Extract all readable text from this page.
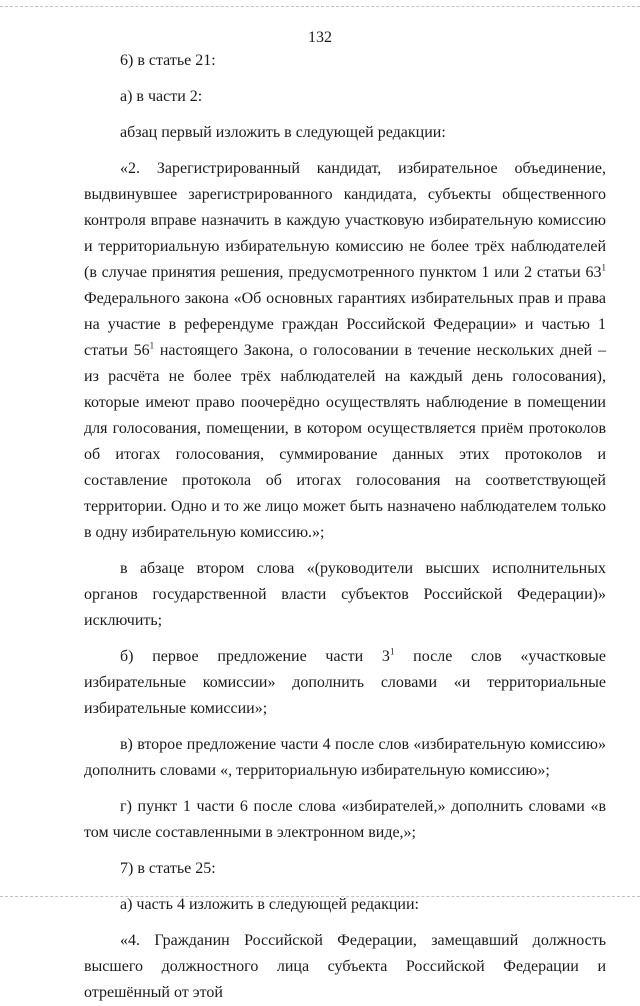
132

6) в статье 21:

а) в части 2:

абзац первый изложить в следующей редакции:

«2. Зарегистрированный кандидат, избирательное объединение, выдвинувшее зарегистрированного кандидата, субъекты общественного контроля вправе назначить в каждую участковую избирательную комиссию и территориальную избирательную комиссию не более трёх наблюдателей (в случае принятия решения, предусмотренного пунктом 1 или 2 статьи $63^1$ Федерального закона «Об основных гарантиях избирательных прав и права на участие в референдуме граждан Российской Федерации» и частью 1 статьи $56^1$ настоящего Закона, о голосовании в течение нескольких дней – из расчёта не более трёх наблюдателей на каждый день голосования), которые имеют право поочерёдно осуществлять наблюдение в помещении для голосования, помещении, в котором осуществляется приём протоколов об итогах голосования, суммирование данных этих протоколов и составление протокола об итогах голосования на соответствующей территории. Одно и то же лицо может быть назначено наблюдателем только в одну избирательную комиссию.»;

в абзаце втором слова «(руководители высших исполнительных органов государственной власти субъектов Российской Федерации)» исключить;

б) первое предложение части $3^1$ после слов «участковые избирательные комиссии» дополнить словами «и территориальные избирательные комиссии»;

в) второе предложение части 4 после слов «избирательную комиссию» дополнить словами «, территориальную избирательную комиссию»;

г) пункт 1 части 6 после слова «избирателей,» дополнить словами «в том числе составленными в электронном виде,»;

7) в статье 25:

а) часть 4 изложить в следующей редакции:

«4. Гражданин Российской Федерации, замещавший должность высшего должностного лица субъекта Российской Федерации и отрешённый от этой
